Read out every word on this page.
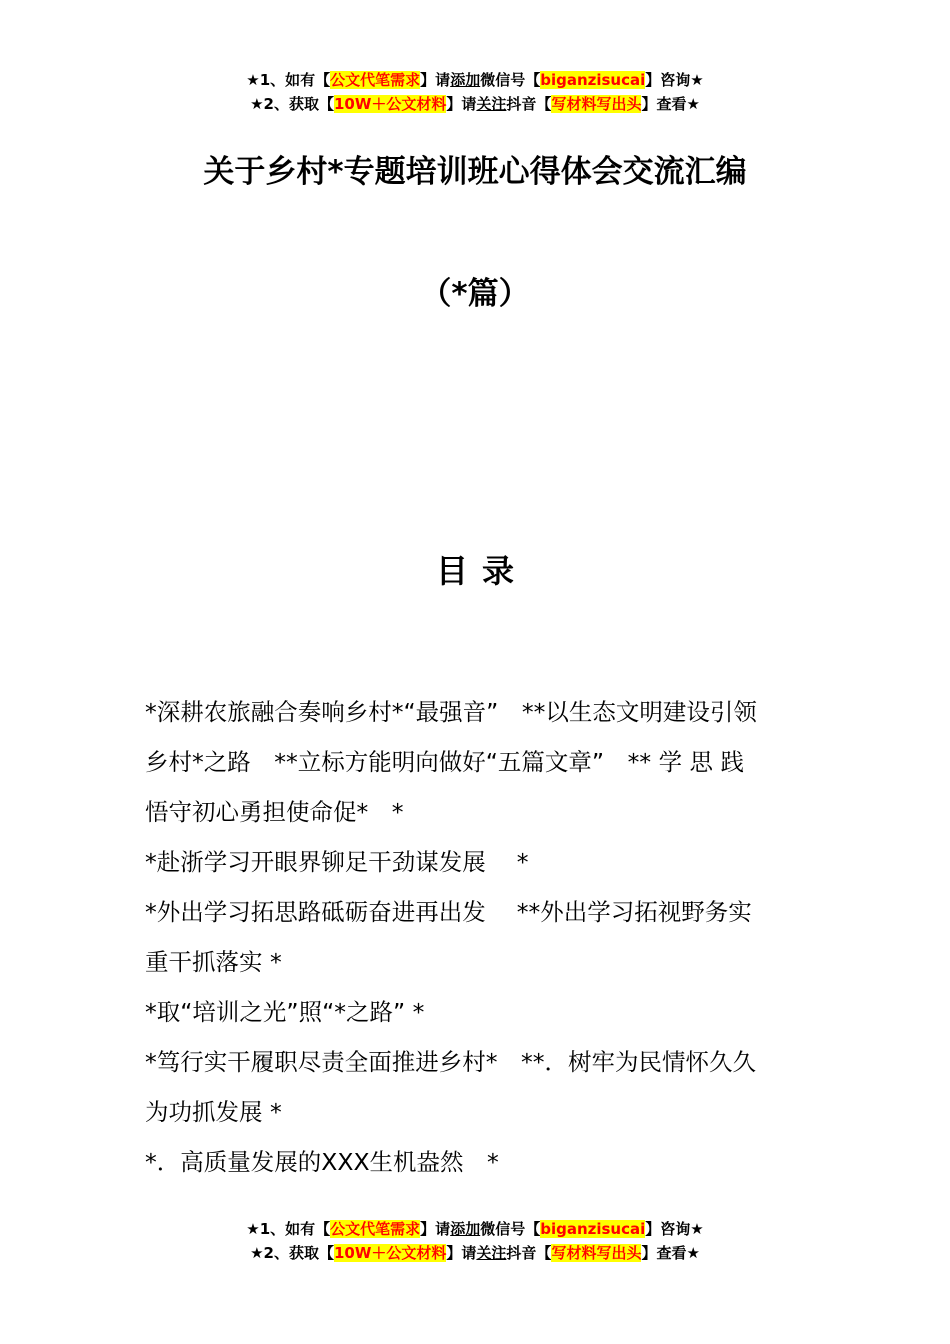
★1、如有【公文代笔需求】请添加微信号【biganzisucai】咨询★
★2、获取【10W＋公文材料】请关注抖音【写材料写出头】查看★
关于乡村*专题培训班心得体会交流汇编
（*篇）
目录
*深耕农旅融合奏响乡村*“最强音”　**以生态文明建设引领
乡村*之路　**立标方能明向做好“五篇文章”　** 学 思 践
悟守初心勇担使命促*　*
*赴浙学习开眼界铆足干劲谋发展　 *
*外出学习拓思路砥砺奋进再出发　 **外出学习拓视野务实
重干抓落实 *
*取“培训之光”照“*之路” *
*笃行实干履职尽责全面推进乡村*　**．树牢为民情怀久久
为功抓发展 *
*．高质量发展的XXX生机盎然　*
★1、如有【公文代笔需求】请添加微信号【biganzisucai】咨询★
★2、获取【10W＋公文材料】请关注抖音【写材料写出头】查看★
